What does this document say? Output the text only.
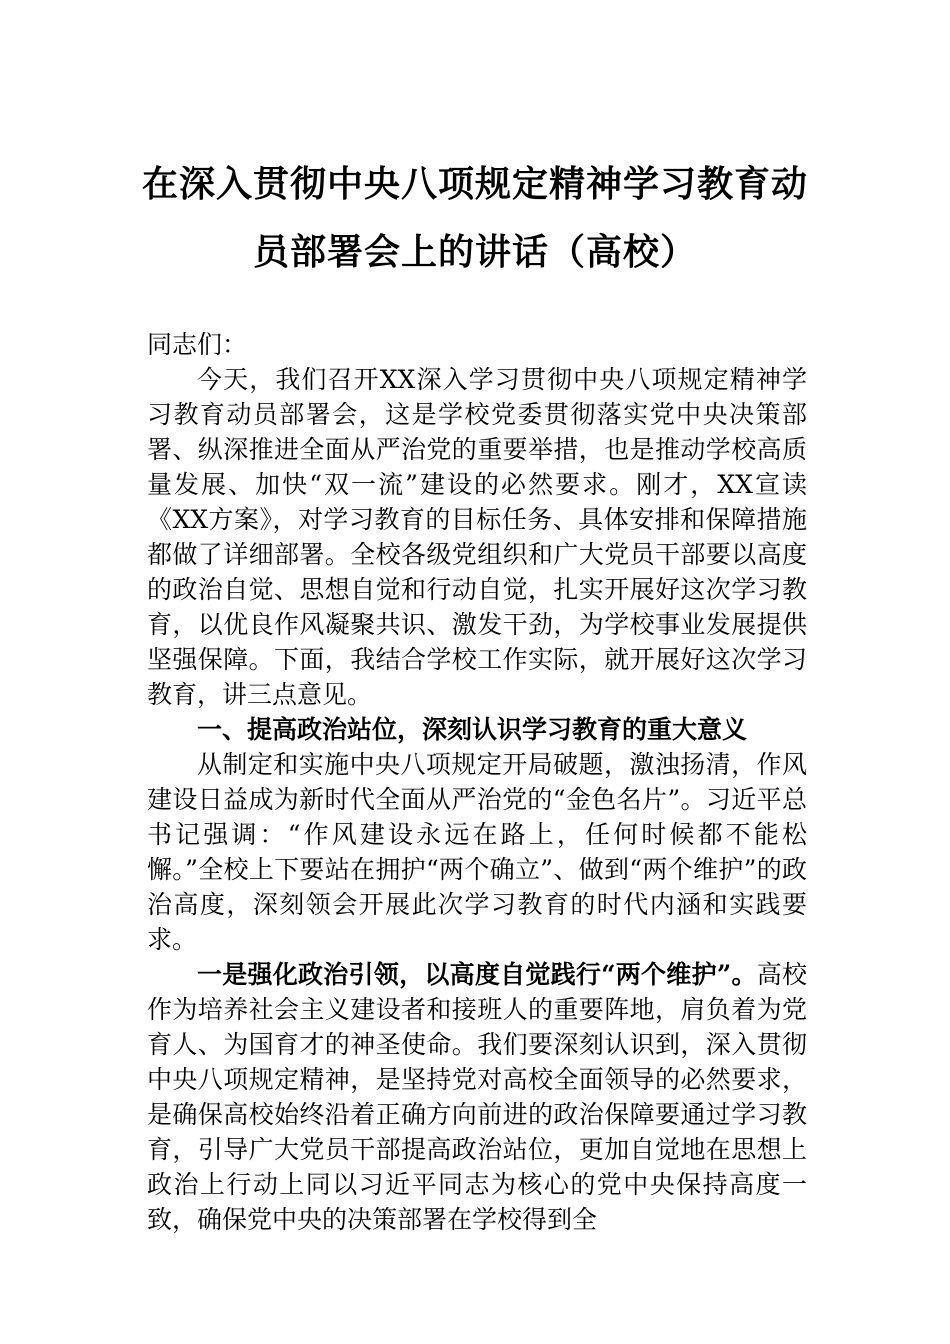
在深入贯彻中央八项规定精神学习教育动
员部署会上的讲话（高校）
同志们：

今天，我们召开XX深入学习贯彻中央八项规定精神学习教育动员部署会，这是学校党委贯彻落实党中央决策部署、纵深推进全面从严治党的重要举措，也是推动学校高质量发展、加快“双一流”建设的必然要求。刚才，XX宣读《XX方案》，对学习教育的目标任务、具体安排和保障措施都做了详细部署。全校各级党组织和广大党员干部要以高度的政治自觉、思想自觉和行动自觉，扎实开展好这次学习教育，以优良作风凝聚共识、激发干劲，为学校事业发展提供坚强保障。下面，我结合学校工作实际，就开展好这次学习教育，讲三点意见。

一、提高政治站位，深刻认识学习教育的重大意义

从制定和实施中央八项规定开局破题，激浊扬清，作风建设日益成为新时代全面从严治党的“金色名片”。习近平总书记强调：“作风建设永远在路上，任何时候都不能松懈。”全校上下要站在拥护“两个确立”、做到“两个维护”的政治高度，深刻领会开展此次学习教育的时代内涵和实践要求。

一是强化政治引领，以高度自觉践行“两个维护”。高校作为培养社会主义建设者和接班人的重要阵地，肩负着为党育人、为国育才的神圣使命。我们要深刻认识到，深入贯彻中央八项规定精神，是坚持党对高校全面领导的必然要求，是确保高校始终沿着正确方向前进的政治保障要通过学习教育，引导广大党员干部提高政治站位，更加自觉地在思想上政治上行动上同以习近平同志为核心的党中央保持高度一致，确保党中央的决策部署在学校得到全
